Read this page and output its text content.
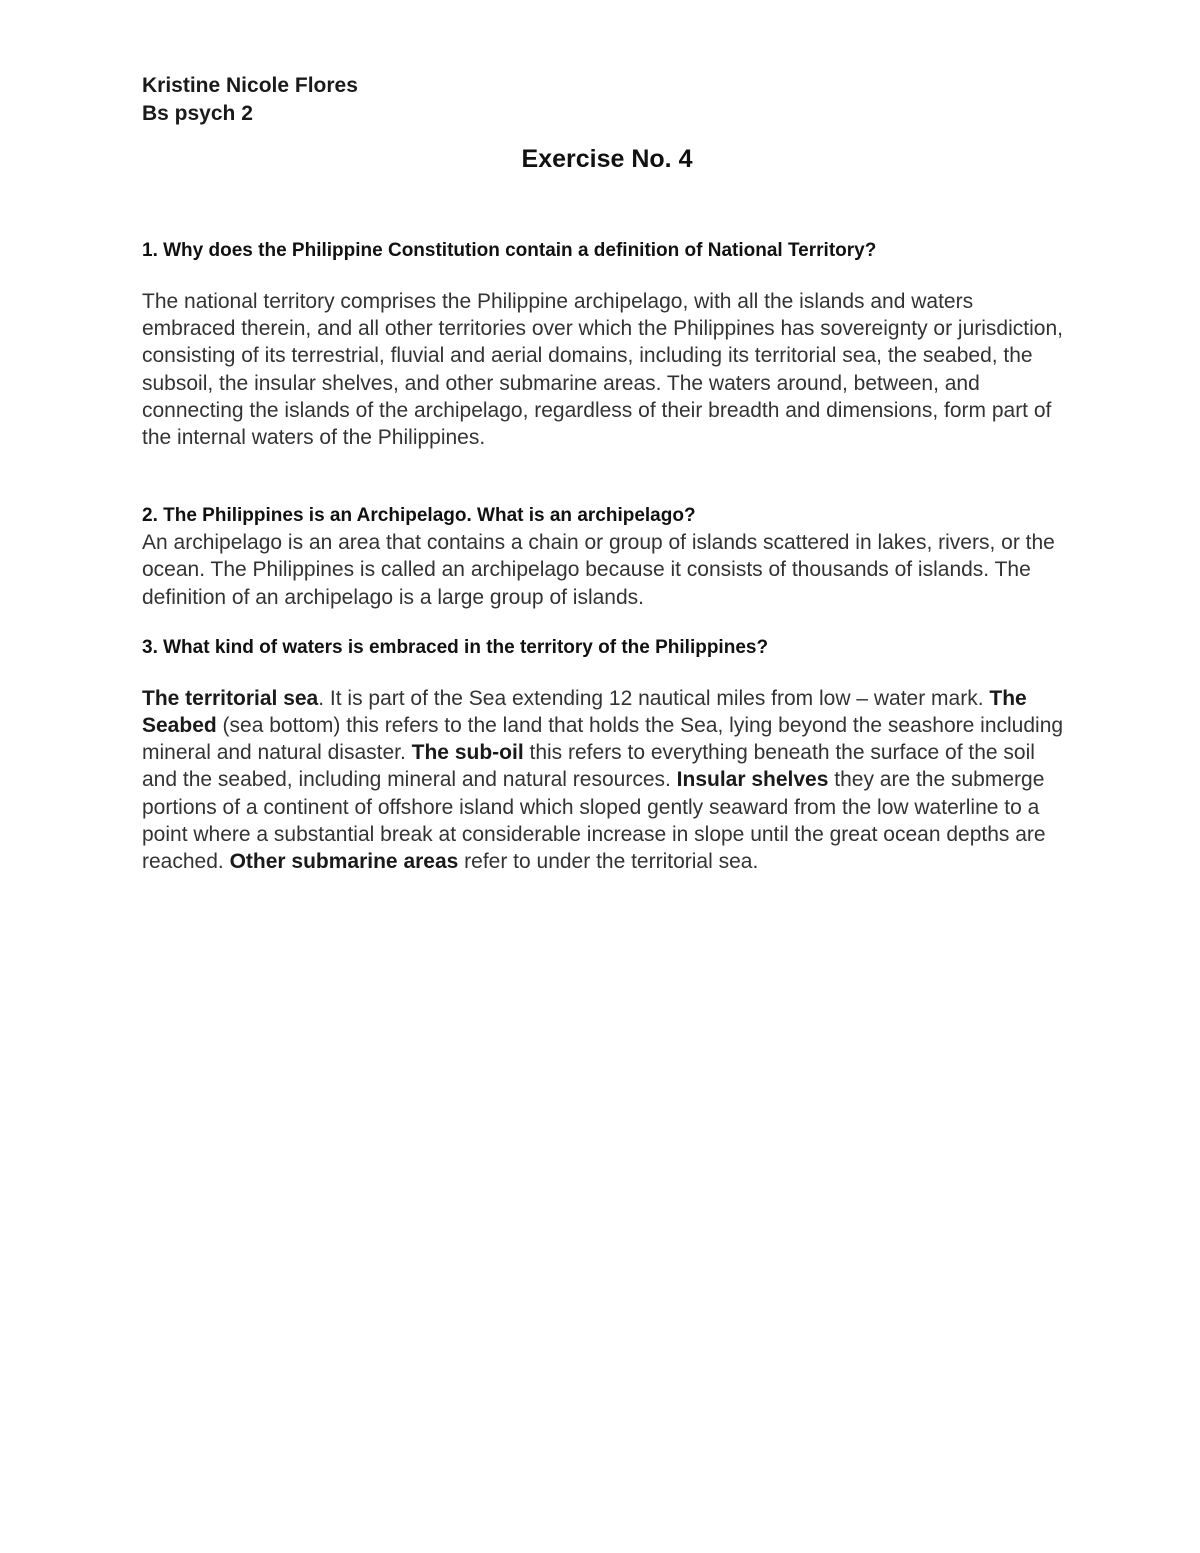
Kristine Nicole Flores

Bs psych 2

Exercise No. 4

1. Why does the Philippine Constitution contain a definition of National Territory?

The national territory comprises the Philippine archipelago, with all the islands and waters embraced therein, and all other territories over which the Philippines has sovereignty or jurisdiction, consisting of its terrestrial, fluvial and aerial domains, including its territorial sea, the seabed, the subsoil, the insular shelves, and other submarine areas. The waters around, between, and connecting the islands of the archipelago, regardless of their breadth and dimensions, form part of the internal waters of the Philippines.

2. The Philippines is an Archipelago. What is an archipelago?

An archipelago is an area that contains a chain or group of islands scattered in lakes, rivers, or the ocean. The Philippines is called an archipelago because it consists of thousands of islands. The definition of an archipelago is a large group of islands.

3. What kind of waters is embraced in the territory of the Philippines?

The territorial sea. It is part of the Sea extending 12 nautical miles from low – water mark. The Seabed (sea bottom) this refers to the land that holds the Sea, lying beyond the seashore including mineral and natural disaster. The sub-oil this refers to everything beneath the surface of the soil and the seabed, including mineral and natural resources. Insular shelves they are the submerge portions of a continent of offshore island which sloped gently seaward from the low waterline to a point where a substantial break at considerable increase in slope until the great ocean depths are reached. Other submarine areas refer to under the territorial sea.
